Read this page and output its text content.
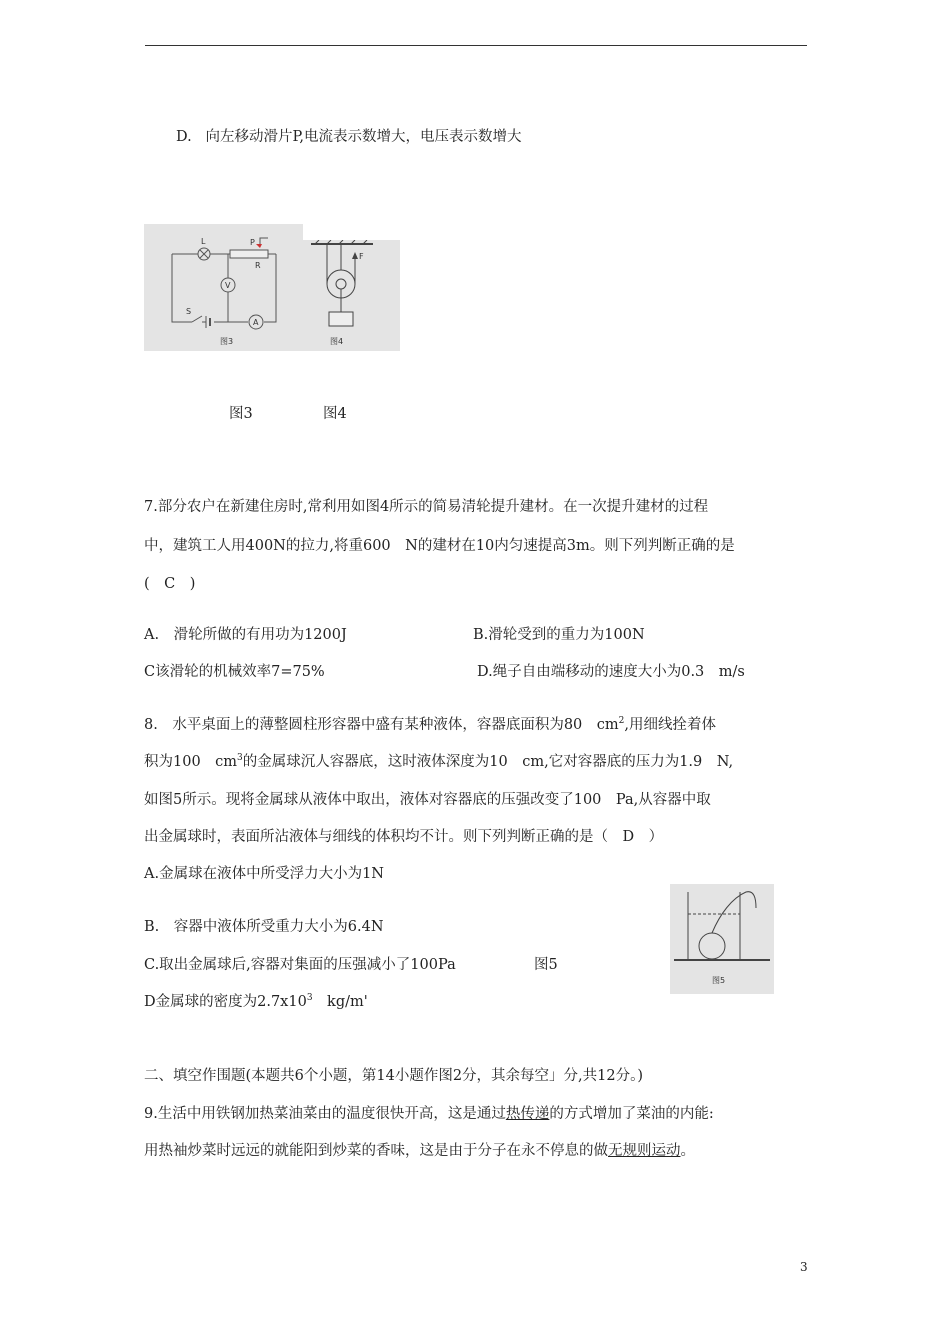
D. 向左移动滑片P,电流表示数增大，电压表示数增大
L	P
R
V
A
S
图3
F
图4
图3	图4
7.部分农户在新建住房时,常利用如图4所示的简易清轮提升建材。在一次提升建材的过程
中，建筑工人用400N的拉力,将重600　N的建材在10内匀速提高3m。则下列判断正确的是
(　C　)
A.　滑轮所做的有用功为1200J	B.滑轮受到的重力为100N
C该滑轮的机械效率7=75%	D.绳子自由端移动的速度大小为0.3　m/s
8.　水平桌面上的薄整圆柱形容器中盛有某种液体，容器底面积为80　$cm^2$,用细线拴着体
积为100　$cm^3$的金属球沉人容器底，这时液体深度为10　cm,它对容器底的压力为1.9　N,
如图5所示。现将金属球从液体中取出，液体对容器底的压强改变了100　Pa,从容器中取
出金属球时，表面所沾液体与细线的体积均不计。则下列判断正确的是（　D　）
A.金属球在液体中所受浮力大小为1N
B.　容器中液体所受重力大小为6.4N
C.取出金属球后,容器对集面的压强减小了100Pa	图5
D金属球的密度为$2.7x10^3$　kg/m'
图5
二、填空作围题(本题共6个小题，第14小题作图2分，其余每空」分,共12分。)
9.生活中用铁钢加热菜油菜由的温度很快开高，这是通过热传递的方式增加了菜油的内能:
用热袖炒菜时远远的就能阳到炒菜的香味，这是由于分子在永不停息的做无规则运动。
3
